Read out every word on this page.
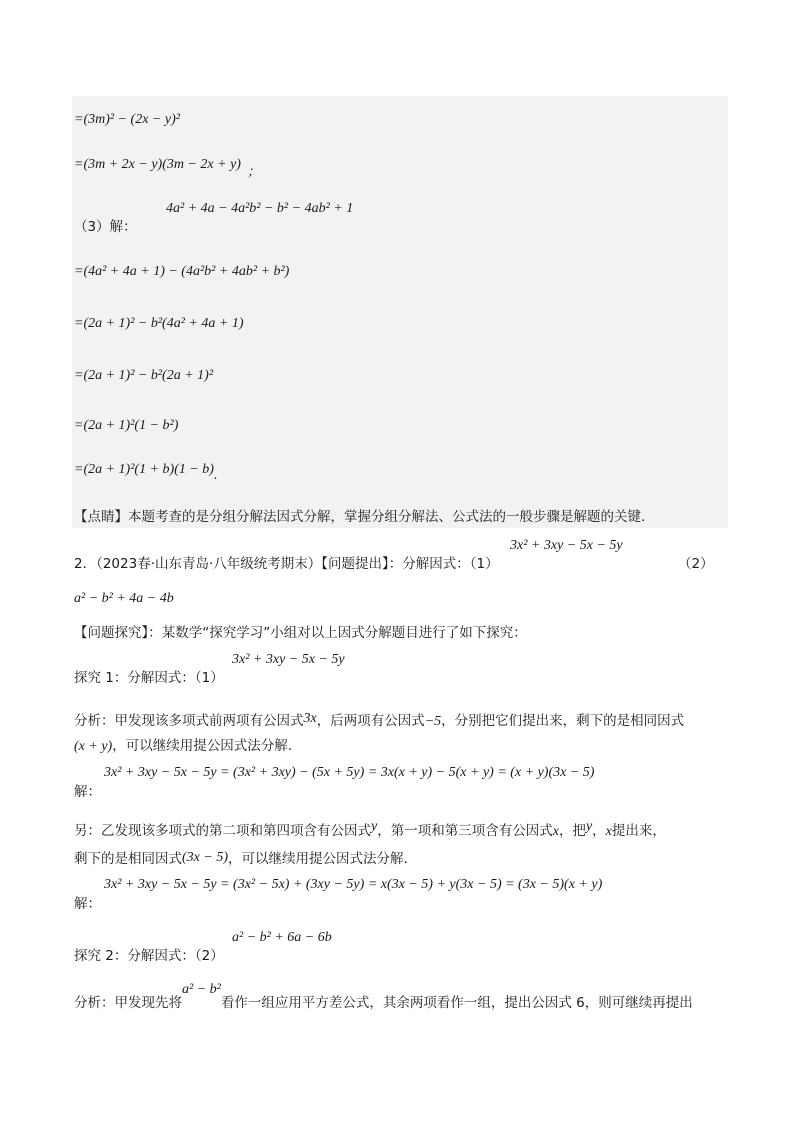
=(3m)² − (2x − y)²
=(3m + 2x − y)(3m − 2x + y) ；
（3）解：
4a² + 4a − 4a²b² − b² − 4ab² + 1
=(4a² + 4a + 1) − (4a²b² + 4ab² + b²)
=(2a + 1)² − b²(4a² + 4a + 1)
=(2a + 1)² − b²(2a + 1)²
=(2a + 1)²(1 − b²)
=(2a + 1)²(1 + b)(1 − b).
【点睛】本题考查的是分组分解法因式分解，掌握分组分解法、公式法的一般步骤是解题的关键.
2．（2023春·山东青岛·八年级统考期末）【问题提出】：分解因式：（1）
3x² + 3xy − 5x − 5y
（2）
a² − b² + 4a − 4b
【问题探究】：某数学“探究学习”小组对以上因式分解题目进行了如下探究：
探究 1：分解因式：（1）
3x² + 3xy − 5x − 5y
分析：甲发现该多项式前两项有公因式3x，后两项有公因式−5，分别把它们提出来，剩下的是相同因式
(x + y)，可以继续用提公因式法分解.
解：
3x² + 3xy − 5x − 5y = (3x² + 3xy) − (5x + 5y) = 3x(x + y) − 5(x + y) = (x + y)(3x − 5)
另：乙发现该多项式的第二项和第四项含有公因式y，第一项和第三项含有公因式x，把y，x提出来，
剩下的是相同因式(3x − 5)，可以继续用提公因式法分解.
解：
3x² + 3xy − 5x − 5y = (3x² − 5x) + (3xy − 5y) = x(3x − 5) + y(3x − 5) = (3x − 5)(x + y)
探究 2：分解因式：（2）
a² − b² + 6a − 6b
分析：甲发现先将a² − b²看作一组应用平方差公式，其余两项看作一组，提出公因式 6，则可继续再提出
